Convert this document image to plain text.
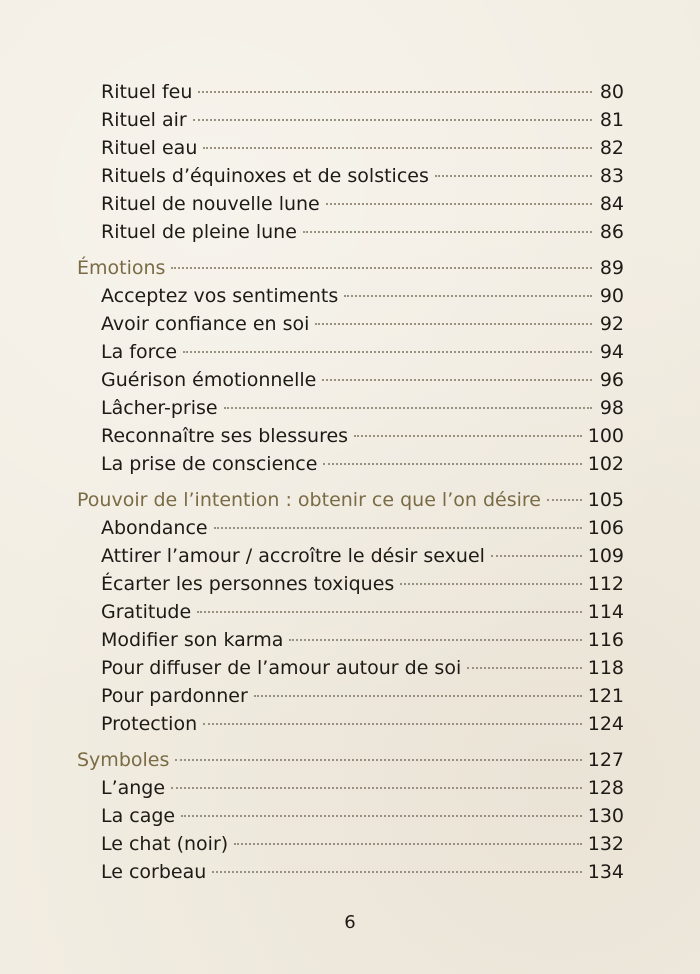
Rituel feu	80
Rituel air	81
Rituel eau	82
Rituels d’équinoxes et de solstices	83
Rituel de nouvelle lune	84
Rituel de pleine lune	86
Émotions	89
Acceptez vos sentiments	90
Avoir confiance en soi	92
La force	94
Guérison émotionnelle	96
Lâcher-prise	98
Reconnaître ses blessures	100
La prise de conscience	102
Pouvoir de l’intention : obtenir ce que l’on désire 105
Abondance	106
Attirer l’amour / accroître le désir sexuel	109
Écarter les personnes toxiques	112
Gratitude	114
Modifier son karma	116
Pour diffuser de l’amour autour de soi	118
Pour pardonner	121
Protection	124
Symboles	127
L’ange	128
La cage	130
Le chat (noir)	132
Le corbeau	134
6
